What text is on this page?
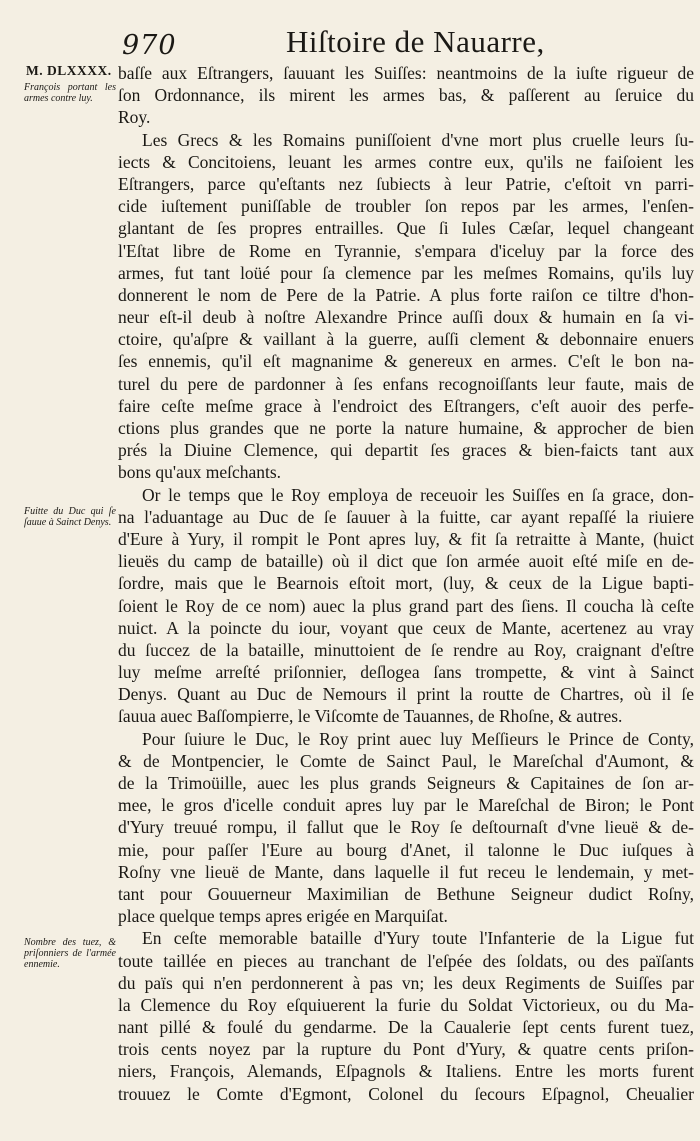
970	Hiſtoire de Nauarre,
M. DLXXXX.
François portant les armes contre luy.
Fuitte du Duc qui ſe ſauue à Sainct Denys.
Nombre des tuez, & priſonniers de l'armée ennemie.
baſſe aux Eſtrangers, ſauuant les Suiſſes: neantmoins de la iuſte rigueur de
ſon Ordonnance, ils mirent les armes bas, & paſſerent au ſeruice du
Roy.
Les Grecs & les Romains puniſſoient d'vne mort plus cruelle leurs ſu-
iects & Concitoiens, leuant les armes contre eux, qu'ils ne faiſoient les
Eſtrangers, parce qu'eſtants nez ſubiects à leur Patrie, c'eſtoit vn parri-
cide iuſtement puniſſable de troubler ſon repos par les armes, l'enſen-
glantant de ſes propres entrailles. Que ſi Iules Cæſar, lequel changeant
l'Eſtat libre de Rome en Tyrannie, s'empara d'iceluy par la force des
armes, fut tant loüé pour ſa clemence par les meſmes Romains, qu'ils luy
donnerent le nom de Pere de la Patrie. A plus forte raiſon ce tiltre d'hon-
neur eſt-il deub à noſtre Alexandre Prince auſſi doux & humain en ſa vi-
ctoire, qu'aſpre & vaillant à la guerre, auſſi clement & debonnaire enuers
ſes ennemis, qu'il eſt magnanime & genereux en armes. C'eſt le bon na-
turel du pere de pardonner à ſes enfans recognoiſſants leur faute, mais de
faire ceſte meſme grace à l'endroict des Eſtrangers, c'eſt auoir des perfe-
ctions plus grandes que ne porte la nature humaine, & approcher de bien
prés la Diuine Clemence, qui departit ſes graces & bien-faicts tant aux
bons qu'aux meſchants.
Or le temps que le Roy employa de receuoir les Suiſſes en ſa grace, don-
na l'aduantage au Duc de ſe ſauuer à la fuitte, car ayant repaſſé la riuiere
d'Eure à Yury, il rompit le Pont apres luy, & fit ſa retraitte à Mante, (huict
lieuës du camp de bataille) où il dict que ſon armée auoit eſté miſe en de-
ſordre, mais que le Bearnois eſtoit mort, (luy, & ceux de la Ligue bapti-
ſoient le Roy de ce nom) auec la plus grand part des ſiens. Il coucha là ceſte
nuict. A la poincte du iour, voyant que ceux de Mante, acertenez au vray
du ſuccez de la bataille, minuttoient de ſe rendre au Roy, craignant d'eſtre
luy meſme arreſté priſonnier, deſlogea ſans trompette, & vint à Sainct
Denys. Quant au Duc de Nemours il print la routte de Chartres, où il ſe
ſauua auec Baſſompierre, le Viſcomte de Tauannes, de Rhoſne, & autres.
Pour ſuiure le Duc, le Roy print auec luy Meſſieurs le Prince de Conty,
& de Montpencier, le Comte de Sainct Paul, le Mareſchal d'Aumont, &
de la Trimoüille, auec les plus grands Seigneurs & Capitaines de ſon ar-
mee, le gros d'icelle conduit apres luy par le Mareſchal de Biron; le Pont
d'Yury treuué rompu, il fallut que le Roy ſe deſtournaſt d'vne lieuë & de-
mie, pour paſſer l'Eure au bourg d'Anet, il talonne le Duc iuſques à
Roſny vne lieuë de Mante, dans laquelle il fut receu le lendemain, y met-
tant pour Gouuerneur Maximilian de Bethune Seigneur dudict Roſny,
place quelque temps apres erigée en Marquiſat.
En ceſte memorable bataille d'Yury toute l'Infanterie de la Ligue fut
toute taillée en pieces au tranchant de l'eſpée des ſoldats, ou des païſants
du païs qui n'en perdonnerent à pas vn; les deux Regiments de Suiſſes par
la Clemence du Roy eſquiuerent la furie du Soldat Victorieux, ou du Ma-
nant pillé & foulé du gendarme. De la Caualerie ſept cents furent tuez,
trois cents noyez par la rupture du Pont d'Yury, & quatre cents priſon-
niers, François, Alemands, Eſpagnols & Italiens. Entre les morts furent
trouuez le Comte d'Egmont, Colonel du ſecours Eſpagnol, Cheualier
